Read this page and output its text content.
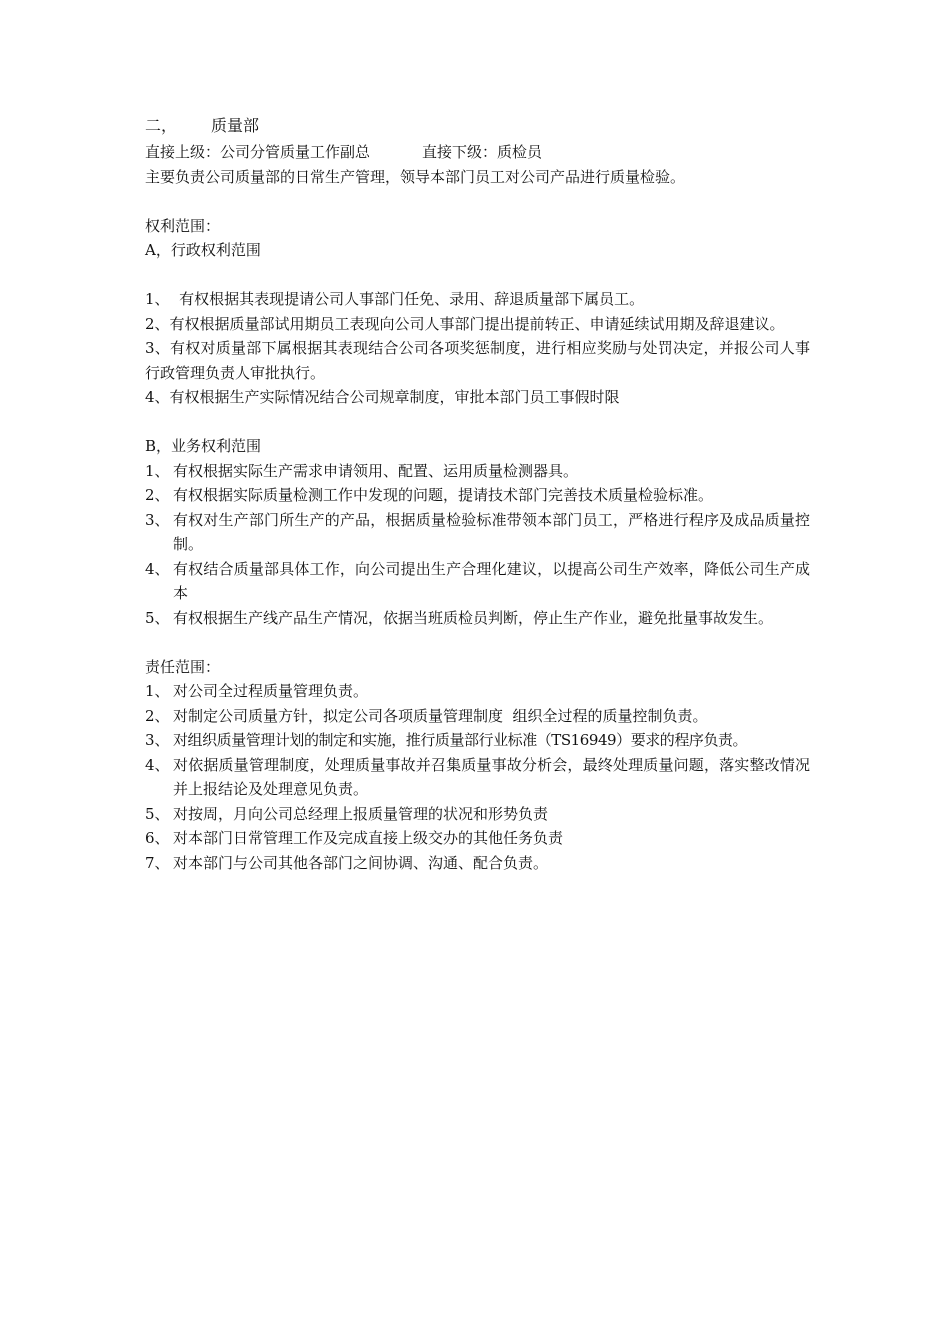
二， 质量部
直接上级：公司分管质量工作副总	直接下级：质检员
主要负责公司质量部的日常生产管理，领导本部门员工对公司产品进行质量检验。
权利范围：
A，行政权利范围
1、  有权根据其表现提请公司人事部门任免、录用、辞退质量部下属员工。
2、有权根据质量部试用期员工表现向公司人事部门提出提前转正、申请延续试用期及辞退建议。
3、有权对质量部下属根据其表现结合公司各项奖惩制度，进行相应奖励与处罚决定，并报公司人事行政管理负责人审批执行。
4、有权根据生产实际情况结合公司规章制度，审批本部门员工事假时限
B，业务权利范围
1、 有权根据实际生产需求申请领用、配置、运用质量检测器具。
2、 有权根据实际质量检测工作中发现的问题，提请技术部门完善技术质量检验标准。
3、 有权对生产部门所生产的产品，根据质量检验标准带领本部门员工，严格进行程序及成品质量控制。
4、 有权结合质量部具体工作，向公司提出生产合理化建议，以提高公司生产效率，降低公司生产成本
5、 有权根据生产线产品生产情况，依据当班质检员判断，停止生产作业，避免批量事故发生。
责任范围：
1、 对公司全过程质量管理负责。
2、 对制定公司质量方针，拟定公司各项质量管理制度  组织全过程的质量控制负责。
3、 对组织质量管理计划的制定和实施，推行质量部行业标准（TS16949）要求的程序负责。
4、 对依据质量管理制度，处理质量事故并召集质量事故分析会，最终处理质量问题，落实整改情况并上报结论及处理意见负责。
5、 对按周，月向公司总经理上报质量管理的状况和形势负责
6、 对本部门日常管理工作及完成直接上级交办的其他任务负责
7、 对本部门与公司其他各部门之间协调、沟通、配合负责。
